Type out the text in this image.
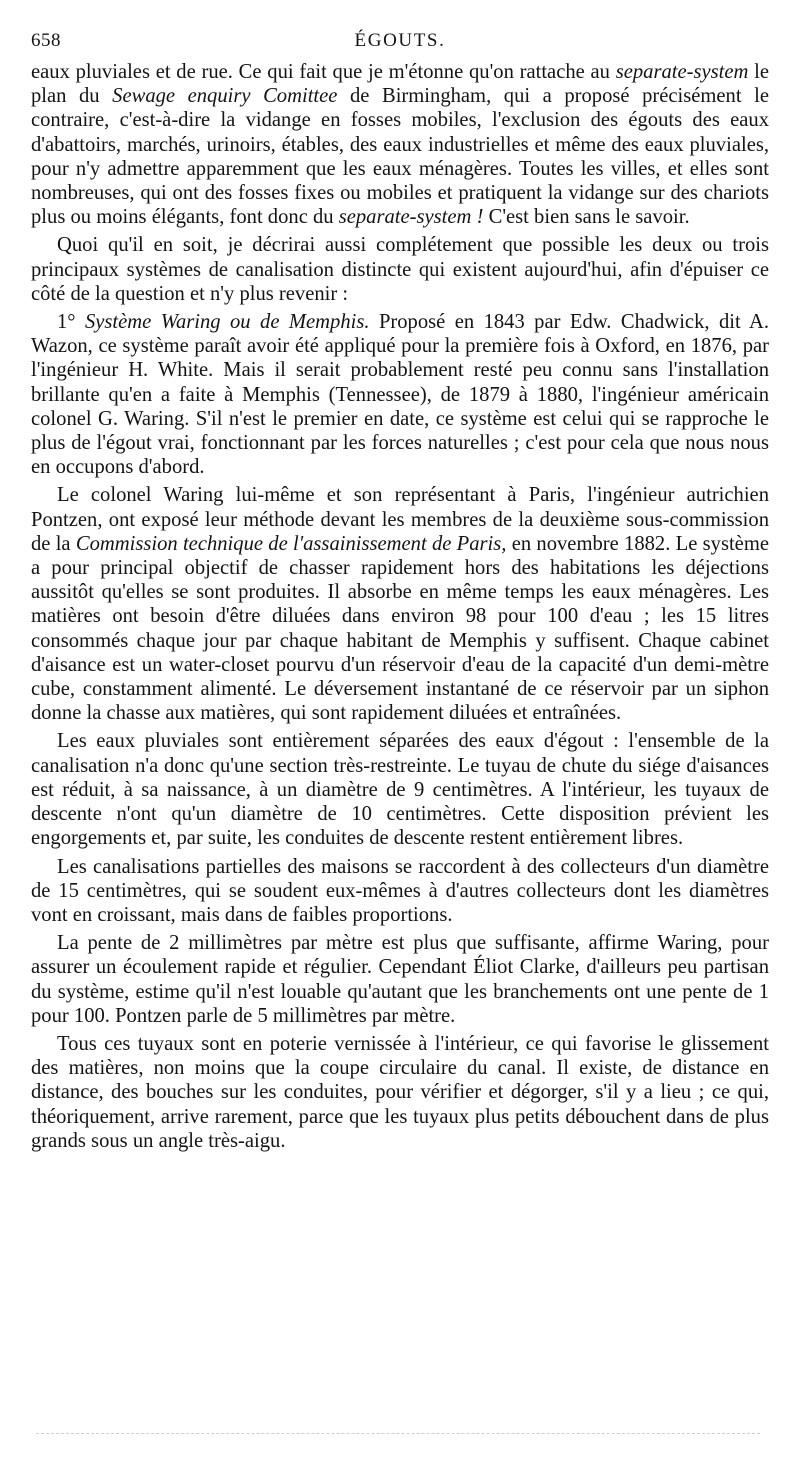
658	ÉGOUTS.

eaux pluviales et de rue. Ce qui fait que je m'étonne qu'on rattache au separate-system le plan du Sewage enquiry Comittee de Birmingham, qui a proposé précisément le contraire, c'est-à-dire la vidange en fosses mobiles, l'exclusion des égouts des eaux d'abattoirs, marchés, urinoirs, étables, des eaux industrielles et même des eaux pluviales, pour n'y admettre apparemment que les eaux ménagères. Toutes les villes, et elles sont nombreuses, qui ont des fosses fixes ou mobiles et pratiquent la vidange sur des chariots plus ou moins élégants, font donc du separate-system ! C'est bien sans le savoir.

Quoi qu'il en soit, je décrirai aussi complétement que possible les deux ou trois principaux systèmes de canalisation distincte qui existent aujourd'hui, afin d'épuiser ce côté de la question et n'y plus revenir :

1° Système Waring ou de Memphis. Proposé en 1843 par Edw. Chadwick, dit A. Wazon, ce système paraît avoir été appliqué pour la première fois à Oxford, en 1876, par l'ingénieur H. White. Mais il serait probablement resté peu connu sans l'installation brillante qu'en a faite à Memphis (Tennessee), de 1879 à 1880, l'ingénieur américain colonel G. Waring. S'il n'est le premier en date, ce système est celui qui se rapproche le plus de l'égout vrai, fonctionnant par les forces naturelles ; c'est pour cela que nous nous en occupons d'abord.

Le colonel Waring lui-même et son représentant à Paris, l'ingénieur autrichien Pontzen, ont exposé leur méthode devant les membres de la deuxième sous-commission de la Commission technique de l'assainissement de Paris, en novembre 1882. Le système a pour principal objectif de chasser rapidement hors des habitations les déjections aussitôt qu'elles se sont produites. Il absorbe en même temps les eaux ménagères. Les matières ont besoin d'être diluées dans environ 98 pour 100 d'eau ; les 15 litres consommés chaque jour par chaque habitant de Memphis y suffisent. Chaque cabinet d'aisance est un water-closet pourvu d'un réservoir d'eau de la capacité d'un demi-mètre cube, constamment alimenté. Le déversement instantané de ce réservoir par un siphon donne la chasse aux matières, qui sont rapidement diluées et entraînées.

Les eaux pluviales sont entièrement séparées des eaux d'égout : l'ensemble de la canalisation n'a donc qu'une section très-restreinte. Le tuyau de chute du siége d'aisances est réduit, à sa naissance, à un diamètre de 9 centimètres. A l'intérieur, les tuyaux de descente n'ont qu'un diamètre de 10 centimètres. Cette disposition prévient les engorgements et, par suite, les conduites de descente restent entièrement libres.

Les canalisations partielles des maisons se raccordent à des collecteurs d'un diamètre de 15 centimètres, qui se soudent eux-mêmes à d'autres collecteurs dont les diamètres vont en croissant, mais dans de faibles proportions.

La pente de 2 millimètres par mètre est plus que suffisante, affirme Waring, pour assurer un écoulement rapide et régulier. Cependant Éliot Clarke, d'ailleurs peu partisan du système, estime qu'il n'est louable qu'autant que les branchements ont une pente de 1 pour 100. Pontzen parle de 5 millimètres par mètre.

Tous ces tuyaux sont en poterie vernissée à l'intérieur, ce qui favorise le glissement des matières, non moins que la coupe circulaire du canal. Il existe, de distance en distance, des bouches sur les conduites, pour vérifier et dégorger, s'il y a lieu ; ce qui, théoriquement, arrive rarement, parce que les tuyaux plus petits débouchent dans de plus grands sous un angle très-aigu.
